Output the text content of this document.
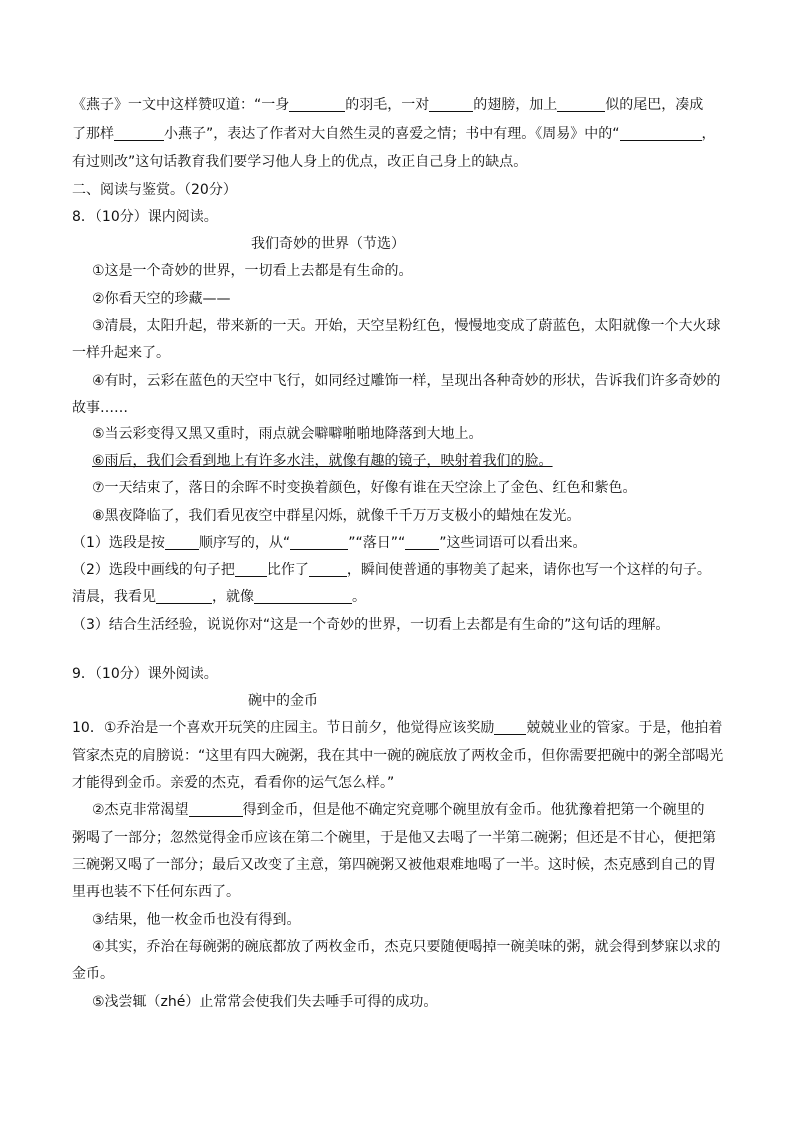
《燕子》一文中这样赞叹道：“一身	的羽毛，一对	的翅膀，加上	似的尾巴，凑成
了那样	小燕子”，表达了作者对大自然生灵的喜爱之情；书中有理。《周易》中的“	，
有过则改”这句话教育我们要学习他人身上的优点，改正自己身上的缺点。
二、阅读与鉴赏。（20分）
8．（10分）课内阅读。
我们奇妙的世界（节选）
①这是一个奇妙的世界，一切看上去都是有生命的。
②你看天空的珍藏——
③清晨，太阳升起，带来新的一天。开始，天空呈粉红色，慢慢地变成了蔚蓝色，太阳就像一个大火球
一样升起来了。
④有时，云彩在蓝色的天空中飞行，如同经过雕饰一样，呈现出各种奇妙的形状，告诉我们许多奇妙的
故事……
⑤当云彩变得又黑又重时，雨点就会噼噼啪啪地降落到大地上。
⑥雨后，我们会看到地上有许多水洼，就像有趣的镜子，映射着我们的脸。
⑦一天结束了，落日的余晖不时变换着颜色，好像有谁在天空涂上了金色、红色和紫色。
⑧黑夜降临了，我们看见夜空中群星闪烁，就像千千万万支极小的蜡烛在发光。
（1）选段是按 顺序写的，从“	”“落日”“ ”这些词语可以看出来。
（2）选段中画线的句子把 比作了	，瞬间使普通的事物美了起来，请你也写一个这样的句子。
清晨，我看见	，就像	。
（3）结合生活经验，说说你对“这是一个奇妙的世界，一切看上去都是有生命的”这句话的理解。
9．（10分）课外阅读。
碗中的金币
10．①乔治是一个喜欢开玩笑的庄园主。节日前夕，他觉得应该奖励 兢兢业业的管家。于是，他拍着
管家杰克的肩膀说：“这里有四大碗粥，我在其中一碗的碗底放了两枚金币，但你需要把碗中的粥全部喝光
才能得到金币。亲爱的杰克，看看你的运气怎么样。”
②杰克非常渴望	得到金币，但是他不确定究竟哪个碗里放有金币。他犹豫着把第一个碗里的
粥喝了一部分；忽然觉得金币应该在第二个碗里，于是他又去喝了一半第二碗粥；但还是不甘心，便把第
三碗粥又喝了一部分；最后又改变了主意，第四碗粥又被他艰难地喝了一半。这时候，杰克感到自己的胃
里再也装不下任何东西了。
③结果，他一枚金币也没有得到。
④其实，乔治在每碗粥的碗底都放了两枚金币，杰克只要随便喝掉一碗美味的粥，就会得到梦寐以求的
金币。
⑤浅尝辄（zhé）止常常会使我们失去唾手可得的成功。
